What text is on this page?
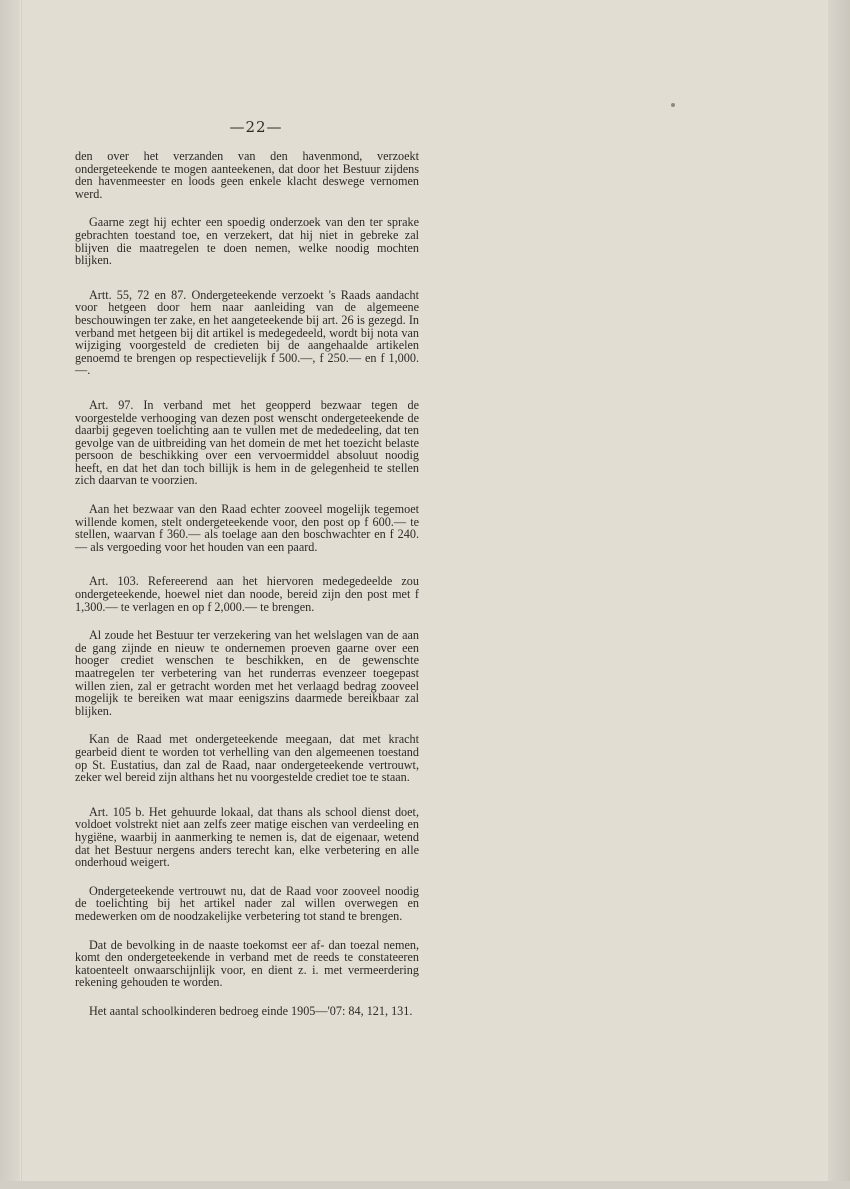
—22—

den over het verzanden van den havenmond, verzoekt ondergeteekende te mogen aanteekenen, dat door het Bestuur zijdens den havenmeester en loods geen enkele klacht deswege vernomen werd.

Gaarne zegt hij echter een spoedig onderzoek van den ter sprake gebrachten toestand toe, en verzekert, dat hij niet in gebreke zal blijven die maatregelen te doen nemen, welke noodig mochten blijken.

Artt. 55, 72 en 87. Ondergeteekende verzoekt 's Raads aandacht voor hetgeen door hem naar aanleiding van de algemeene beschouwingen ter zake, en het aangeteekende bij art. 26 is gezegd. In verband met hetgeen bij dit artikel is medegedeeld, wordt bij nota van wijziging voorgesteld de credieten bij de aangehaalde artikelen genoemd te brengen op respectievelijk f 500.—, f 250.— en f 1,000.—.

Art. 97. In verband met het geopperd bezwaar tegen de voorgestelde verhooging van dezen post wenscht ondergeteekende de daarbij gegeven toelichting aan te vullen met de mededeeling, dat ten gevolge van de uitbreiding van het domein de met het toezicht belaste persoon de beschikking over een vervoermiddel absoluut noodig heeft, en dat het dan toch billijk is hem in de gelegenheid te stellen zich daarvan te voorzien.

Aan het bezwaar van den Raad echter zooveel mogelijk tegemoet willende komen, stelt ondergeteekende voor, den post op f 600.— te stellen, waarvan f 360.— als toelage aan den boschwachter en f 240.— als vergoeding voor het houden van een paard.

Art. 103. Refereerend aan het hiervoren medegedeelde zou ondergeteekende, hoewel niet dan noode, bereid zijn den post met f 1,300.— te verlagen en op f 2,000.— te brengen.

Al zoude het Bestuur ter verzekering van het welslagen van de aan de gang zijnde en nieuw te ondernemen proeven gaarne over een hooger crediet wenschen te beschikken, en de gewenschte maatregelen ter verbetering van het runderras evenzeer toegepast willen zien, zal er getracht worden met het verlaagd bedrag zooveel mogelijk te bereiken wat maar eenigszins daarmede bereikbaar zal blijken.

Kan de Raad met ondergeteekende meegaan, dat met kracht gearbeid dient te worden tot verhelling van den algemeenen toestand op St. Eustatius, dan zal de Raad, naar ondergeteekende vertrouwt, zeker wel bereid zijn althans het nu voorgestelde crediet toe te staan.

Art. 105 b. Het gehuurde lokaal, dat thans als school dienst doet, voldoet volstrekt niet aan zelfs zeer matige eischen van verdeeling en hygiëne, waarbij in aanmerking te nemen is, dat de eigenaar, wetend dat het Bestuur nergens anders terecht kan, elke verbetering en alle onderhoud weigert.

Ondergeteekende vertrouwt nu, dat de Raad voor zooveel noodig de toelichting bij het artikel nader zal willen overwegen en medewerken om de noodzakelijke verbetering tot stand te brengen.

Dat de bevolking in de naaste toekomst eer af- dan toezal nemen, komt den ondergeteekende in verband met de reeds te constateeren katoenteelt onwaarschijnlijk voor, en dient z. i. met vermeerdering rekening gehouden te worden.

Het aantal schoolkinderen bedroeg einde 1905—'07: 84, 121, 131.
